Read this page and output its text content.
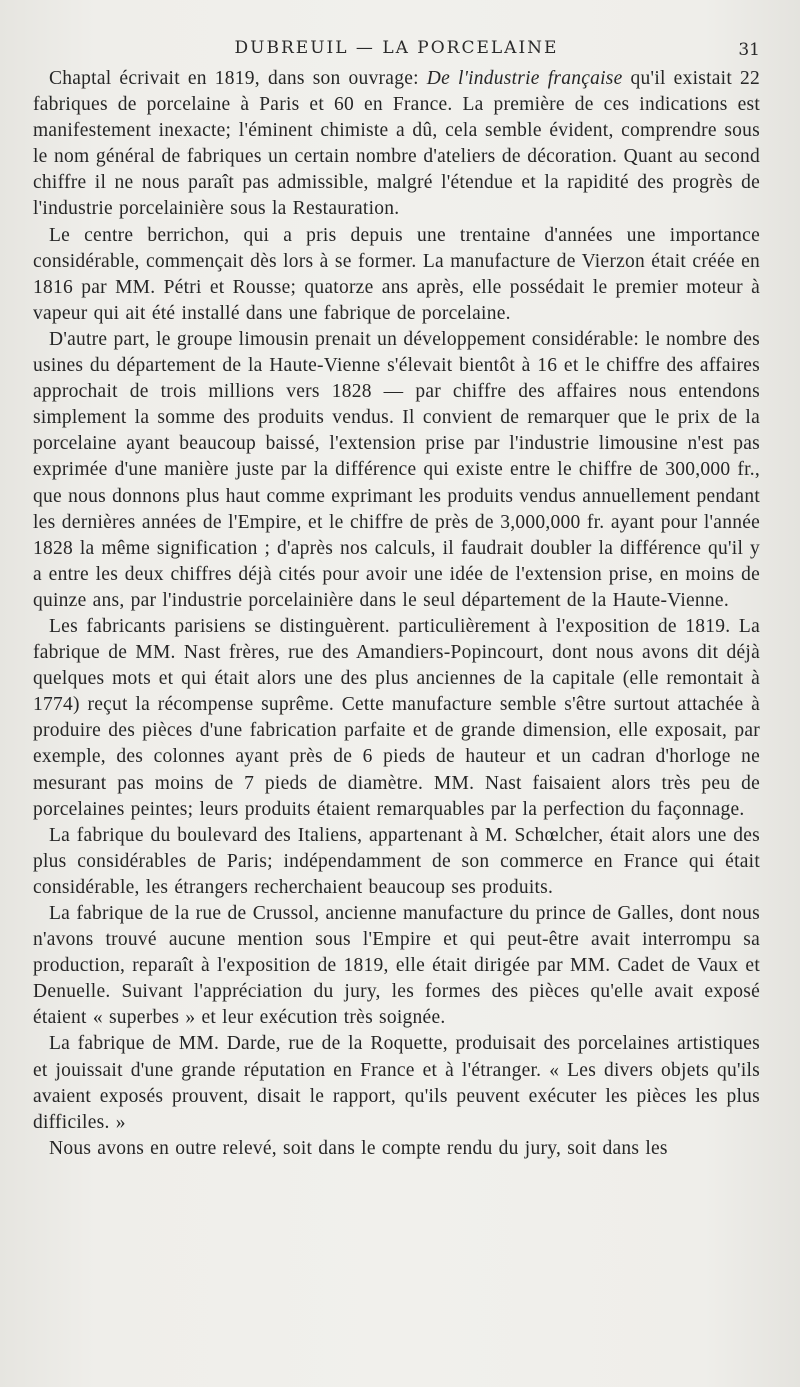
DUBREUIL — LA PORCELAINE	31

Chaptal écrivait en 1819, dans son ouvrage: De l'industrie française qu'il existait 22 fabriques de porcelaine à Paris et 60 en France. La première de ces indications est manifestement inexacte; l'éminent chimiste a dû, cela semble évident, comprendre sous le nom général de fabriques un certain nombre d'ateliers de décoration. Quant au second chiffre il ne nous paraît pas admissible, malgré l'étendue et la rapidité des progrès de l'industrie porcelainière sous la Restauration.

Le centre berrichon, qui a pris depuis une trentaine d'années une importance considérable, commençait dès lors à se former. La manufacture de Vierzon était créée en 1816 par MM. Pétri et Rousse; quatorze ans après, elle possédait le premier moteur à vapeur qui ait été installé dans une fabrique de porcelaine.

D'autre part, le groupe limousin prenait un développement considérable: le nombre des usines du département de la Haute-Vienne s'élevait bientôt à 16 et le chiffre des affaires approchait de trois millions vers 1828 — par chiffre des affaires nous entendons simplement la somme des produits vendus. Il convient de remarquer que le prix de la porcelaine ayant beaucoup baissé, l'extension prise par l'industrie limousine n'est pas exprimée d'une manière juste par la différence qui existe entre le chiffre de 300,000 fr., que nous donnons plus haut comme exprimant les produits vendus annuellement pendant les dernières années de l'Empire, et le chiffre de près de 3,000,000 fr. ayant pour l'année 1828 la même signification ; d'après nos calculs, il faudrait doubler la différence qu'il y a entre les deux chiffres déjà cités pour avoir une idée de l'extension prise, en moins de quinze ans, par l'industrie porcelainière dans le seul département de la Haute-Vienne.

Les fabricants parisiens se distinguèrent. particulièrement à l'exposition de 1819. La fabrique de MM. Nast frères, rue des Amandiers-Popincourt, dont nous avons dit déjà quelques mots et qui était alors une des plus anciennes de la capitale (elle remontait à 1774) reçut la récompense suprême. Cette manufacture semble s'être surtout attachée à produire des pièces d'une fabrication parfaite et de grande dimension, elle exposait, par exemple, des colonnes ayant près de 6 pieds de hauteur et un cadran d'horloge ne mesurant pas moins de 7 pieds de diamètre. MM. Nast faisaient alors très peu de porcelaines peintes; leurs produits étaient remarquables par la perfection du façonnage.

La fabrique du boulevard des Italiens, appartenant à M. Schœlcher, était alors une des plus considérables de Paris; indépendamment de son commerce en France qui était considérable, les étrangers recherchaient beaucoup ses produits.

La fabrique de la rue de Crussol, ancienne manufacture du prince de Galles, dont nous n'avons trouvé aucune mention sous l'Empire et qui peut-être avait interrompu sa production, reparaît à l'exposition de 1819, elle était dirigée par MM. Cadet de Vaux et Denuelle. Suivant l'appréciation du jury, les formes des pièces qu'elle avait exposé étaient « superbes » et leur exécution très soignée.

La fabrique de MM. Darde, rue de la Roquette, produisait des porcelaines artistiques et jouissait d'une grande réputation en France et à l'étranger. « Les divers objets qu'ils avaient exposés prouvent, disait le rapport, qu'ils peuvent exécuter les pièces les plus difficiles. »

Nous avons en outre relevé, soit dans le compte rendu du jury, soit dans les
